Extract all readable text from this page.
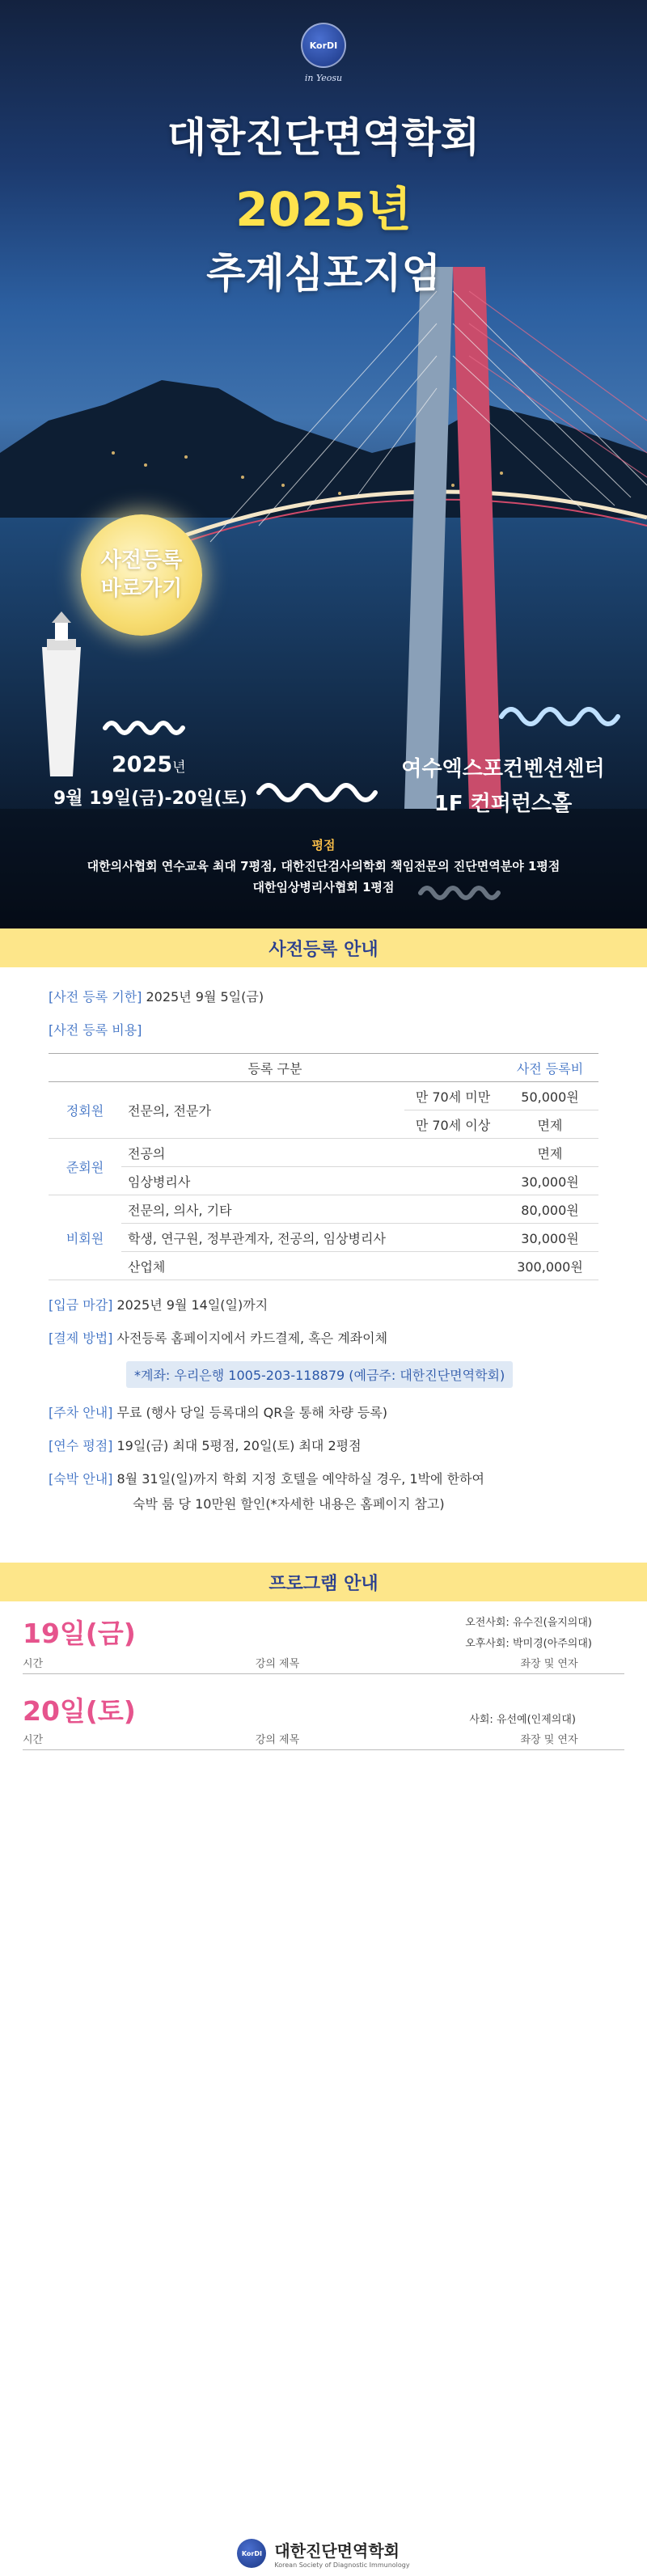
KorDI
in Yeosu
대한진단면역학회
2025년
추계심포지엄
사전등록
바로가기
2025년
9월 19일(금)-20일(토)
여수엑스포컨벤션센터
1F 컨퍼런스홀
평점
대한의사협회 연수교육 최대 7평점, 대한진단검사의학회 책임전문의 진단면역분야 1평점
대한임상병리사협회 1평점
사전등록 안내
[사전 등록 기한] 2025년 9월 5일(금)
[사전 등록 비용]
등록 구분			사전 등록비
정회원	전문의, 전문가	만 70세 미만	50,000원
		만 70세 이상	면제
준회원	전공의		면제
	임상병리사		30,000원
비회원	전문의, 의사, 기타		80,000원
	학생, 연구원, 정부관계자, 전공의, 임상병리사		30,000원
	산업체		300,000원
[입금 마감] 2025년 9월 14일(일)까지
[결제 방법] 사전등록 홈페이지에서 카드결제, 혹은 계좌이체
*계좌: 우리은행 1005-203-118879 (예금주: 대한진단면역학회)
[주차 안내] 무료 (행사 당일 등록대의 QR을 통해 차량 등록)
[연수 평점] 19일(금) 최대 5평점, 20일(토) 최대 2평점
[숙박 안내] 8월 31일(일)까지 학회 지정 호텔을 예약하실 경우, 1박에 한하여
숙박 룸 당 10만원 할인(*자세한 내용은 홈페이지 참고)
프로그램 안내
19일(금)	오전사회: 유수진(을지의대)
오후사회: 박미경(아주의대)
시간	강의 제목	좌장 및 연자
20일(토)	사회: 유선예(인제의대)
시간	강의 제목	좌장 및 연자
KorDI 대한진단면역학회
Korean Society of Diagnostic Immunology
